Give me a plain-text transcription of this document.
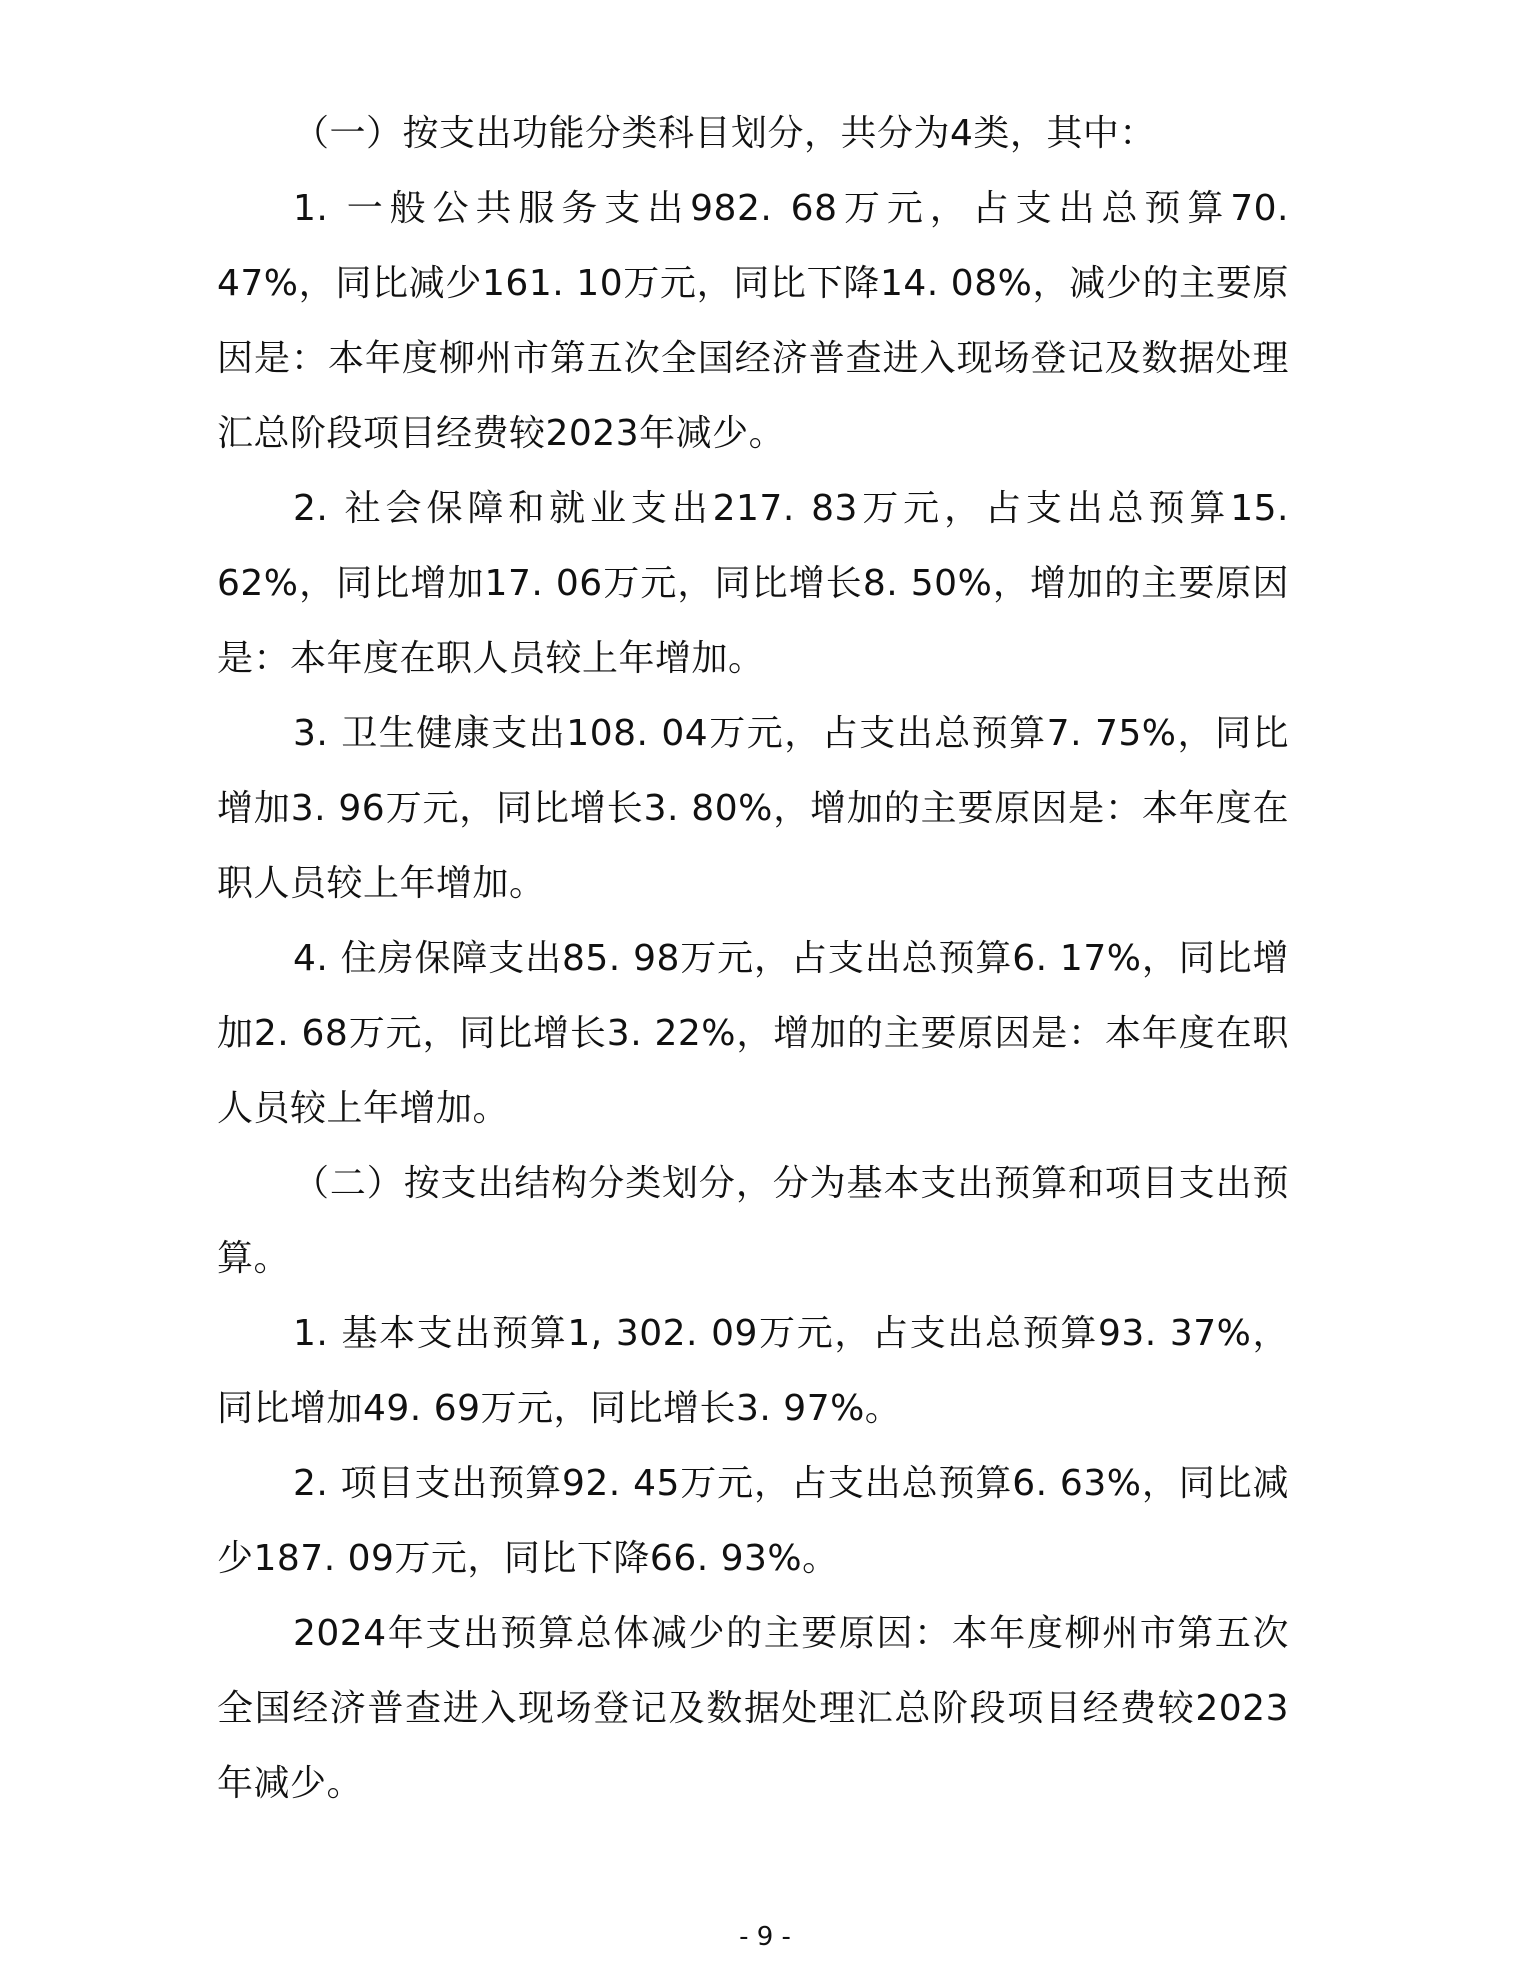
（一）按支出功能分类科目划分，共分为4类，其中：

1. 一般公共服务支出982. 68万元，占支出总预算70. 47%，同比减少161. 10万元，同比下降14. 08%，减少的主要原因是：本年度柳州市第五次全国经济普查进入现场登记及数据处理汇总阶段项目经费较2023年减少。

2. 社会保障和就业支出217. 83万元，占支出总预算15. 62%，同比增加17. 06万元，同比增长8. 50%，增加的主要原因是：本年度在职人员较上年增加。

3. 卫生健康支出108. 04万元，占支出总预算7. 75%，同比增加3. 96万元，同比增长3. 80%，增加的主要原因是：本年度在职人员较上年增加。

4. 住房保障支出85. 98万元，占支出总预算6. 17%，同比增加2. 68万元，同比增长3. 22%，增加的主要原因是：本年度在职人员较上年增加。

（二）按支出结构分类划分，分为基本支出预算和项目支出预算。

1. 基本支出预算1, 302. 09万元，占支出总预算93. 37%，同比增加49. 69万元，同比增长3. 97%。

2. 项目支出预算92. 45万元，占支出总预算6. 63%，同比减少187. 09万元，同比下降66. 93%。

2024年支出预算总体减少的主要原因：本年度柳州市第五次全国经济普查进入现场登记及数据处理汇总阶段项目经费较2023年减少。

- 9 -
